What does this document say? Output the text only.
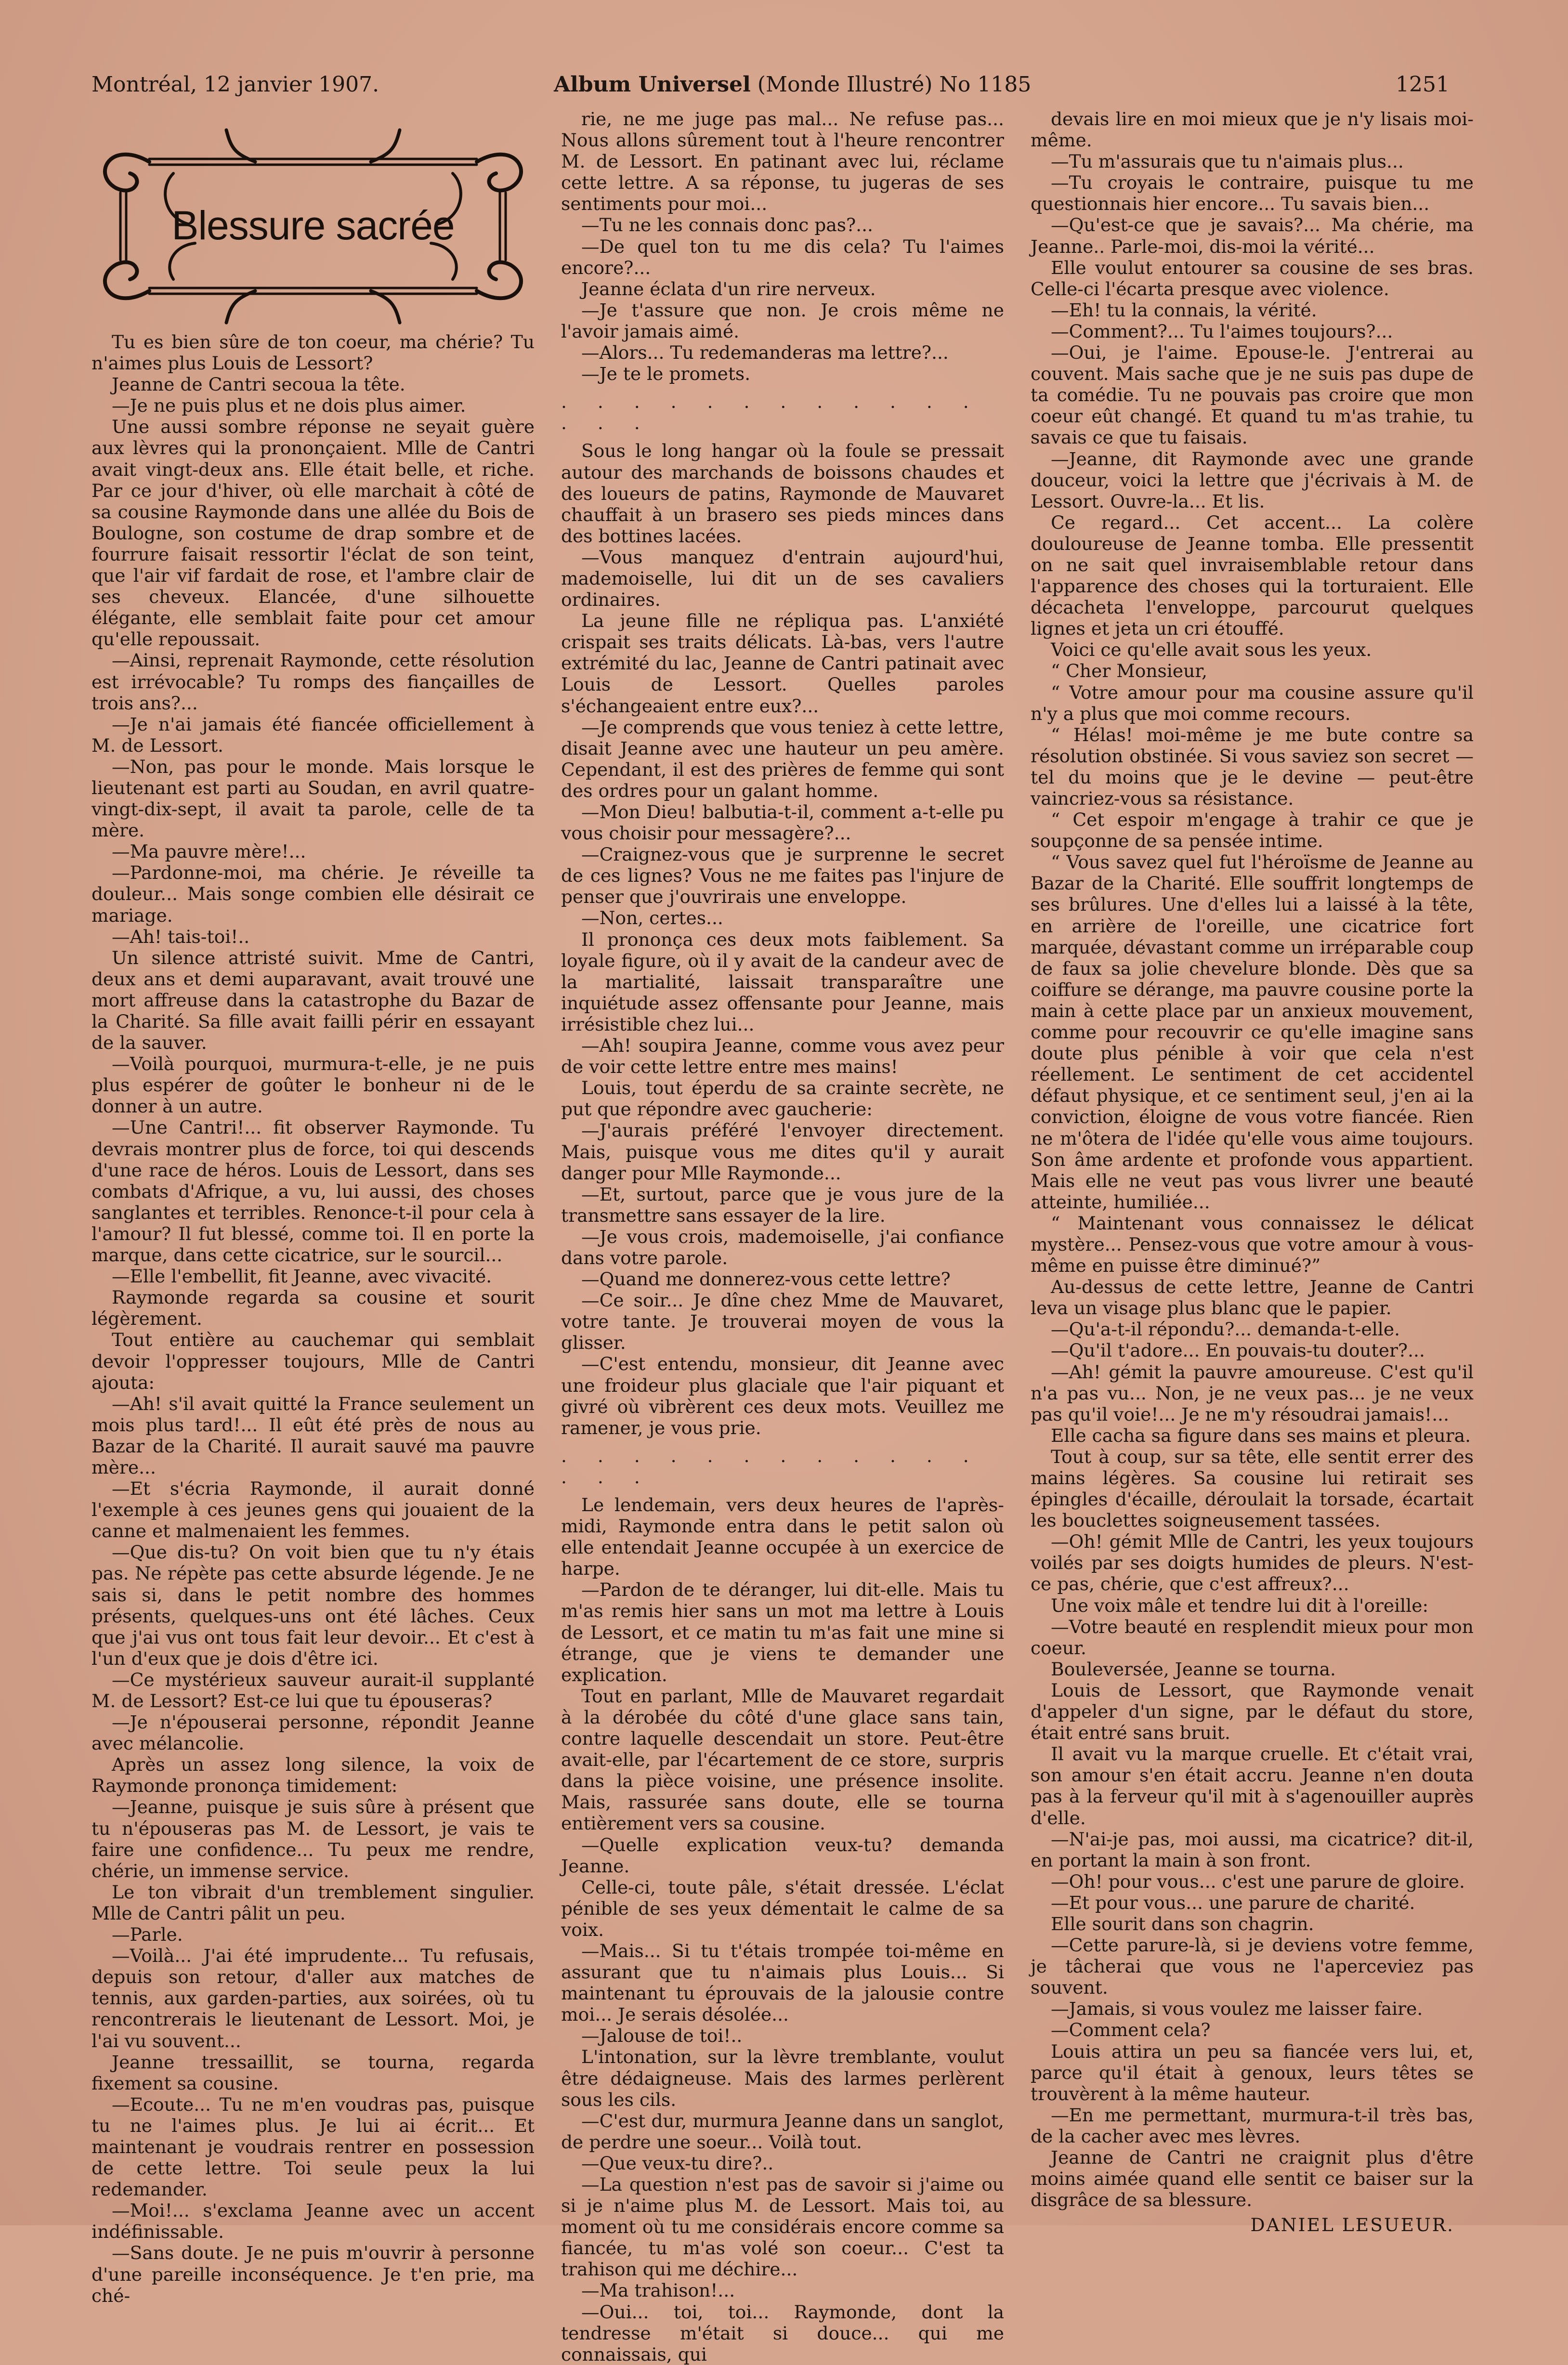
Montréal, 12 janvier 1907.	Album Universel (Monde Illustré) No 1185	1251
Blessure sacrée

Tu es bien sûre de ton coeur, ma chérie? Tu n'aimes plus Louis de Lessort?

Jeanne de Cantri secoua la tête.

—Je ne puis plus et ne dois plus aimer.

Une aussi sombre réponse ne seyait guère aux lèvres qui la prononçaient. Mlle de Cantri avait vingt-deux ans. Elle était belle, et riche. Par ce jour d'hiver, où elle marchait à côté de sa cousine Raymonde dans une allée du Bois de Boulogne, son costume de drap sombre et de fourrure faisait ressortir l'éclat de son teint, que l'air vif fardait de rose, et l'ambre clair de ses cheveux. Elancée, d'une silhouette élégante, elle semblait faite pour cet amour qu'elle repoussait.

—Ainsi, reprenait Raymonde, cette résolution est irrévocable? Tu romps des fiançailles de trois ans?...

—Je n'ai jamais été fiancée officiellement à M. de Lessort.

—Non, pas pour le monde. Mais lorsque le lieutenant est parti au Soudan, en avril quatre-vingt-dix-sept, il avait ta parole, celle de ta mère.

—Ma pauvre mère!...

—Pardonne-moi, ma chérie. Je réveille ta douleur... Mais songe combien elle désirait ce mariage.

—Ah! tais-toi!..

Un silence attristé suivit. Mme de Cantri, deux ans et demi auparavant, avait trouvé une mort affreuse dans la catastrophe du Bazar de la Charité. Sa fille avait failli périr en essayant de la sauver.

—Voilà pourquoi, murmura-t-elle, je ne puis plus espérer de goûter le bonheur ni de le donner à un autre.

—Une Cantri!... fit observer Raymonde. Tu devrais montrer plus de force, toi qui descends d'une race de héros. Louis de Lessort, dans ses combats d'Afrique, a vu, lui aussi, des choses sanglantes et terribles. Renonce-t-il pour cela à l'amour? Il fut blessé, comme toi. Il en porte la marque, dans cette cicatrice, sur le sourcil...

—Elle l'embellit, fit Jeanne, avec vivacité.

Raymonde regarda sa cousine et sourit légèrement.

Tout entière au cauchemar qui semblait devoir l'oppresser toujours, Mlle de Cantri ajouta:

—Ah! s'il avait quitté la France seulement un mois plus tard!... Il eût été près de nous au Bazar de la Charité. Il aurait sauvé ma pauvre mère...

—Et s'écria Raymonde, il aurait donné l'exemple à ces jeunes gens qui jouaient de la canne et malmenaient les femmes.

—Que dis-tu? On voit bien que tu n'y étais pas. Ne répète pas cette absurde légende. Je ne sais si, dans le petit nombre des hommes présents, quelques-uns ont été lâches. Ceux que j'ai vus ont tous fait leur devoir... Et c'est à l'un d'eux que je dois d'être ici.

—Ce mystérieux sauveur aurait-il supplanté M. de Lessort? Est-ce lui que tu épouseras?

—Je n'épouserai personne, répondit Jeanne avec mélancolie.

Après un assez long silence, la voix de Raymonde prononça timidement:

—Jeanne, puisque je suis sûre à présent que tu n'épouseras pas M. de Lessort, je vais te faire une confidence... Tu peux me rendre, chérie, un immense service.

Le ton vibrait d'un tremblement singulier. Mlle de Cantri pâlit un peu.

—Parle.

—Voilà... J'ai été imprudente... Tu refusais, depuis son retour, d'aller aux matches de tennis, aux garden-parties, aux soirées, où tu rencontrerais le lieutenant de Lessort. Moi, je l'ai vu souvent...

Jeanne tressaillit, se tourna, regarda fixement sa cousine.

—Ecoute... Tu ne m'en voudras pas, puisque tu ne l'aimes plus. Je lui ai écrit... Et maintenant je voudrais rentrer en possession de cette lettre. Toi seule peux la lui redemander.

—Moi!... s'exclama Jeanne avec un accent indéfinissable.

—Sans doute. Je ne puis m'ouvrir à personne d'une pareille inconséquence. Je t'en prie, ma ché-

rie, ne me juge pas mal... Ne refuse pas... Nous allons sûrement tout à l'heure rencontrer M. de Lessort. En patinant avec lui, réclame cette lettre. A sa réponse, tu jugeras de ses sentiments pour moi...

—Tu ne les connais donc pas?...

—De quel ton tu me dis cela? Tu l'aimes encore?...

Jeanne éclata d'un rire nerveux.

—Je t'assure que non. Je crois même ne l'avoir jamais aimé.

—Alors... Tu redemanderas ma lettre?...

—Je te le promets.

. . . . . . . . . . . . . . .

Sous le long hangar où la foule se pressait autour des marchands de boissons chaudes et des loueurs de patins, Raymonde de Mauvaret chauffait à un brasero ses pieds minces dans des bottines lacées.

—Vous manquez d'entrain aujourd'hui, mademoiselle, lui dit un de ses cavaliers ordinaires.

La jeune fille ne répliqua pas. L'anxiété crispait ses traits délicats. Là-bas, vers l'autre extrémité du lac, Jeanne de Cantri patinait avec Louis de Lessort. Quelles paroles s'échangeaient entre eux?...

—Je comprends que vous teniez à cette lettre, disait Jeanne avec une hauteur un peu amère. Cependant, il est des prières de femme qui sont des ordres pour un galant homme.

—Mon Dieu! balbutia-t-il, comment a-t-elle pu vous choisir pour messagère?...

—Craignez-vous que je surprenne le secret de ces lignes? Vous ne me faites pas l'injure de penser que j'ouvrirais une enveloppe.

—Non, certes...

Il prononça ces deux mots faiblement. Sa loyale figure, où il y avait de la candeur avec de la martialité, laissait transparaître une inquiétude assez offensante pour Jeanne, mais irrésistible chez lui...

—Ah! soupira Jeanne, comme vous avez peur de voir cette lettre entre mes mains!

Louis, tout éperdu de sa crainte secrète, ne put que répondre avec gaucherie:

—J'aurais préféré l'envoyer directement. Mais, puisque vous me dites qu'il y aurait danger pour Mlle Raymonde...

—Et, surtout, parce que je vous jure de la transmettre sans essayer de la lire.

—Je vous crois, mademoiselle, j'ai confiance dans votre parole.

—Quand me donnerez-vous cette lettre?

—Ce soir... Je dîne chez Mme de Mauvaret, votre tante. Je trouverai moyen de vous la glisser.

—C'est entendu, monsieur, dit Jeanne avec une froideur plus glaciale que l'air piquant et givré où vibrèrent ces deux mots. Veuillez me ramener, je vous prie.

. . . . . . . . . . . . . . .

Le lendemain, vers deux heures de l'après-midi, Raymonde entra dans le petit salon où elle entendait Jeanne occupée à un exercice de harpe.

—Pardon de te déranger, lui dit-elle. Mais tu m'as remis hier sans un mot ma lettre à Louis de Lessort, et ce matin tu m'as fait une mine si étrange, que je viens te demander une explication.

Tout en parlant, Mlle de Mauvaret regardait à la dérobée du côté d'une glace sans tain, contre laquelle descendait un store. Peut-être avait-elle, par l'écartement de ce store, surpris dans la pièce voisine, une présence insolite. Mais, rassurée sans doute, elle se tourna entièrement vers sa cousine.

—Quelle explication veux-tu? demanda Jeanne.

Celle-ci, toute pâle, s'était dressée. L'éclat pénible de ses yeux démentait le calme de sa voix.

—Mais... Si tu t'étais trompée toi-même en assurant que tu n'aimais plus Louis... Si maintenant tu éprouvais de la jalousie contre moi... Je serais désolée...

—Jalouse de toi!..

L'intonation, sur la lèvre tremblante, voulut être dédaigneuse. Mais des larmes perlèrent sous les cils.

—C'est dur, murmura Jeanne dans un sanglot, de perdre une soeur... Voilà tout.

—Que veux-tu dire?..

—La question n'est pas de savoir si j'aime ou si je n'aime plus M. de Lessort. Mais toi, au moment où tu me considérais encore comme sa fiancée, tu m'as volé son coeur... C'est ta trahison qui me déchire...

—Ma trahison!...

—Oui... toi, toi... Raymonde, dont la tendresse m'était si douce... qui me connaissais, qui

devais lire en moi mieux que je n'y lisais moi-même.

—Tu m'assurais que tu n'aimais plus...

—Tu croyais le contraire, puisque tu me questionnais hier encore... Tu savais bien...

—Qu'est-ce que je savais?... Ma chérie, ma Jeanne.. Parle-moi, dis-moi la vérité...

Elle voulut entourer sa cousine de ses bras. Celle-ci l'écarta presque avec violence.

—Eh! tu la connais, la vérité.

—Comment?... Tu l'aimes toujours?...

—Oui, je l'aime. Epouse-le. J'entrerai au couvent. Mais sache que je ne suis pas dupe de ta comédie. Tu ne pouvais pas croire que mon coeur eût changé. Et quand tu m'as trahie, tu savais ce que tu faisais.

—Jeanne, dit Raymonde avec une grande douceur, voici la lettre que j'écrivais à M. de Lessort. Ouvre-la... Et lis.

Ce regard... Cet accent... La colère douloureuse de Jeanne tomba. Elle pressentit on ne sait quel invraisemblable retour dans l'apparence des choses qui la torturaient. Elle décacheta l'enveloppe, parcourut quelques lignes et jeta un cri étouffé.

Voici ce qu'elle avait sous les yeux.

“ Cher Monsieur,

“ Votre amour pour ma cousine assure qu'il n'y a plus que moi comme recours.

“ Hélas! moi-même je me bute contre sa résolution obstinée. Si vous saviez son secret — tel du moins que je le devine — peut-être vaincriez-vous sa résistance.

“ Cet espoir m'engage à trahir ce que je soupçonne de sa pensée intime.

“ Vous savez quel fut l'héroïsme de Jeanne au Bazar de la Charité. Elle souffrit longtemps de ses brûlures. Une d'elles lui a laissé à la tête, en arrière de l'oreille, une cicatrice fort marquée, dévastant comme un irréparable coup de faux sa jolie chevelure blonde. Dès que sa coiffure se dérange, ma pauvre cousine porte la main à cette place par un anxieux mouvement, comme pour recouvrir ce qu'elle imagine sans doute plus pénible à voir que cela n'est réellement. Le sentiment de cet accidentel défaut physique, et ce sentiment seul, j'en ai la conviction, éloigne de vous votre fiancée. Rien ne m'ôtera de l'idée qu'elle vous aime toujours. Son âme ardente et profonde vous appartient. Mais elle ne veut pas vous livrer une beauté atteinte, humiliée...

“ Maintenant vous connaissez le délicat mystère... Pensez-vous que votre amour à vous-même en puisse être diminué?”

Au-dessus de cette lettre, Jeanne de Cantri leva un visage plus blanc que le papier.

—Qu'a-t-il répondu?... demanda-t-elle.

—Qu'il t'adore... En pouvais-tu douter?...

—Ah! gémit la pauvre amoureuse. C'est qu'il n'a pas vu... Non, je ne veux pas... je ne veux pas qu'il voie!... Je ne m'y résoudrai jamais!...

Elle cacha sa figure dans ses mains et pleura.

Tout à coup, sur sa tête, elle sentit errer des mains légères. Sa cousine lui retirait ses épingles d'écaille, déroulait la torsade, écartait les bouclettes soigneusement tassées.

—Oh! gémit Mlle de Cantri, les yeux toujours voilés par ses doigts humides de pleurs. N'est-ce pas, chérie, que c'est affreux?...

Une voix mâle et tendre lui dit à l'oreille:

—Votre beauté en resplendit mieux pour mon coeur.

Bouleversée, Jeanne se tourna.

Louis de Lessort, que Raymonde venait d'appeler d'un signe, par le défaut du store, était entré sans bruit.

Il avait vu la marque cruelle. Et c'était vrai, son amour s'en était accru. Jeanne n'en douta pas à la ferveur qu'il mit à s'agenouiller auprès d'elle.

—N'ai-je pas, moi aussi, ma cicatrice? dit-il, en portant la main à son front.

—Oh! pour vous... c'est une parure de gloire.

—Et pour vous... une parure de charité.

Elle sourit dans son chagrin.

—Cette parure-là, si je deviens votre femme, je tâcherai que vous ne l'aperceviez pas souvent.

—Jamais, si vous voulez me laisser faire.

—Comment cela?

Louis attira un peu sa fiancée vers lui, et, parce qu'il était à genoux, leurs têtes se trouvèrent à la même hauteur.

—En me permettant, murmura-t-il très bas, de la cacher avec mes lèvres.

Jeanne de Cantri ne craignit plus d'être moins aimée quand elle sentit ce baiser sur la disgrâce de sa blessure.

DANIEL LESUEUR.
